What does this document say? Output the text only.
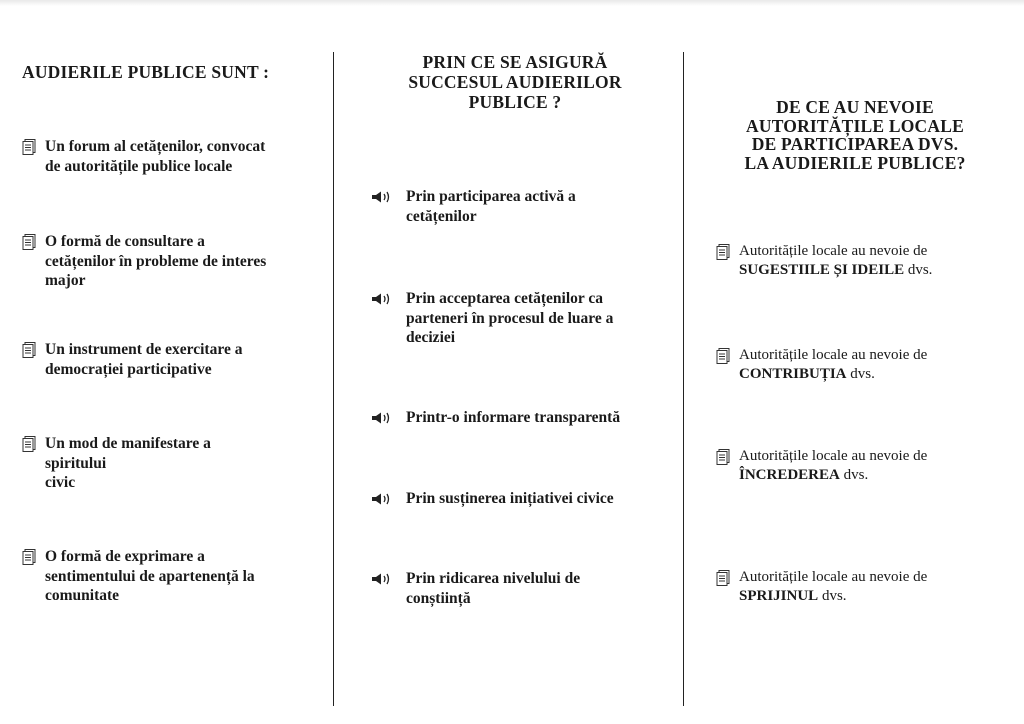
AUDIERILE PUBLICE SUNT :
Un forum al cetățenilor, convocat
de autoritățile publice locale
O formă de consultare a
cetățenilor în probleme de interes
major
Un instrument de exercitare a
democrației participative
Un mod de manifestare a
spiritului
civic
O formă de exprimare a
sentimentului de apartenență la
comunitate
PRIN CE SE ASIGURĂ
SUCCESUL AUDIERILOR
PUBLICE ?
Prin participarea activă a
cetățenilor
Prin acceptarea cetățenilor ca
parteneri în procesul de luare a
deciziei
Printr-o informare transparentă
Prin susținerea inițiativei civice
Prin ridicarea nivelului de
conștiință
DE CE AU NEVOIE
AUTORITĂȚILE LOCALE
DE PARTICIPAREA DVS.
LA AUDIERILE PUBLICE?
Autoritățile locale au nevoie de
SUGESTIILE ȘI IDEILE dvs.
Autoritățile locale au nevoie de
CONTRIBUȚIA dvs.
Autoritățile locale au nevoie de
ÎNCREDEREA dvs.
Autoritățile locale au nevoie de
SPRIJINUL dvs.
